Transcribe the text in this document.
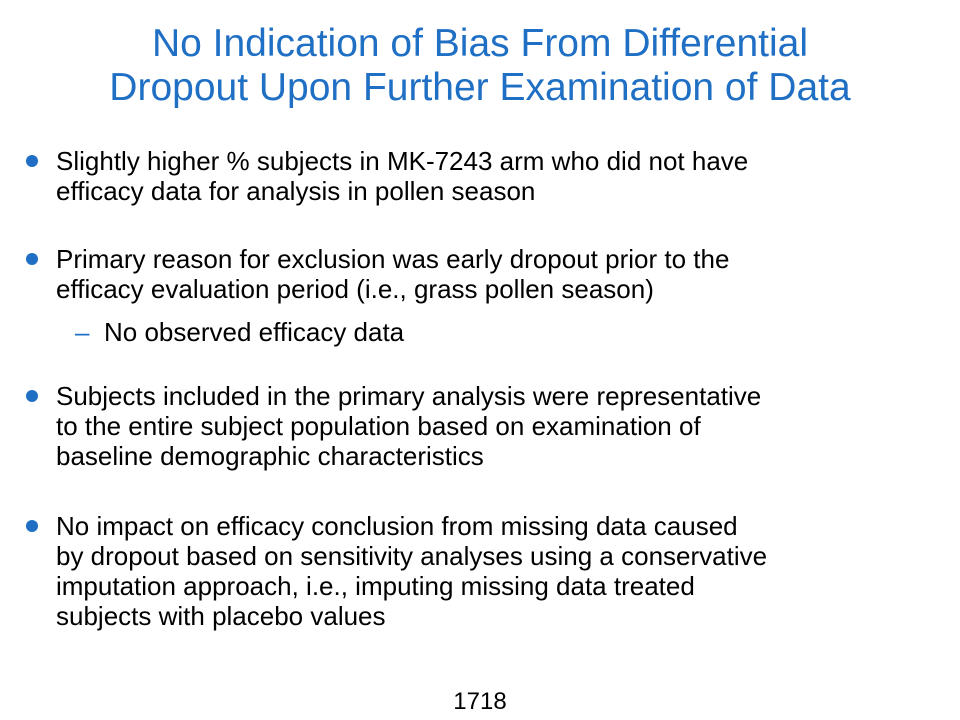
No Indication of Bias From Differential
Dropout Upon Further Examination of Data
Slightly higher % subjects in MK-7243 arm who did not have
efficacy data for analysis in pollen season
Primary reason for exclusion was early dropout prior to the
efficacy evaluation period (i.e., grass pollen season)
– No observed efficacy data
Subjects included in the primary analysis were representative
to the entire subject population based on examination of
baseline demographic characteristics
No impact on efficacy conclusion from missing data caused
by dropout based on sensitivity analyses using a conservative
imputation approach, i.e., imputing missing data treated
subjects with placebo values
1718
